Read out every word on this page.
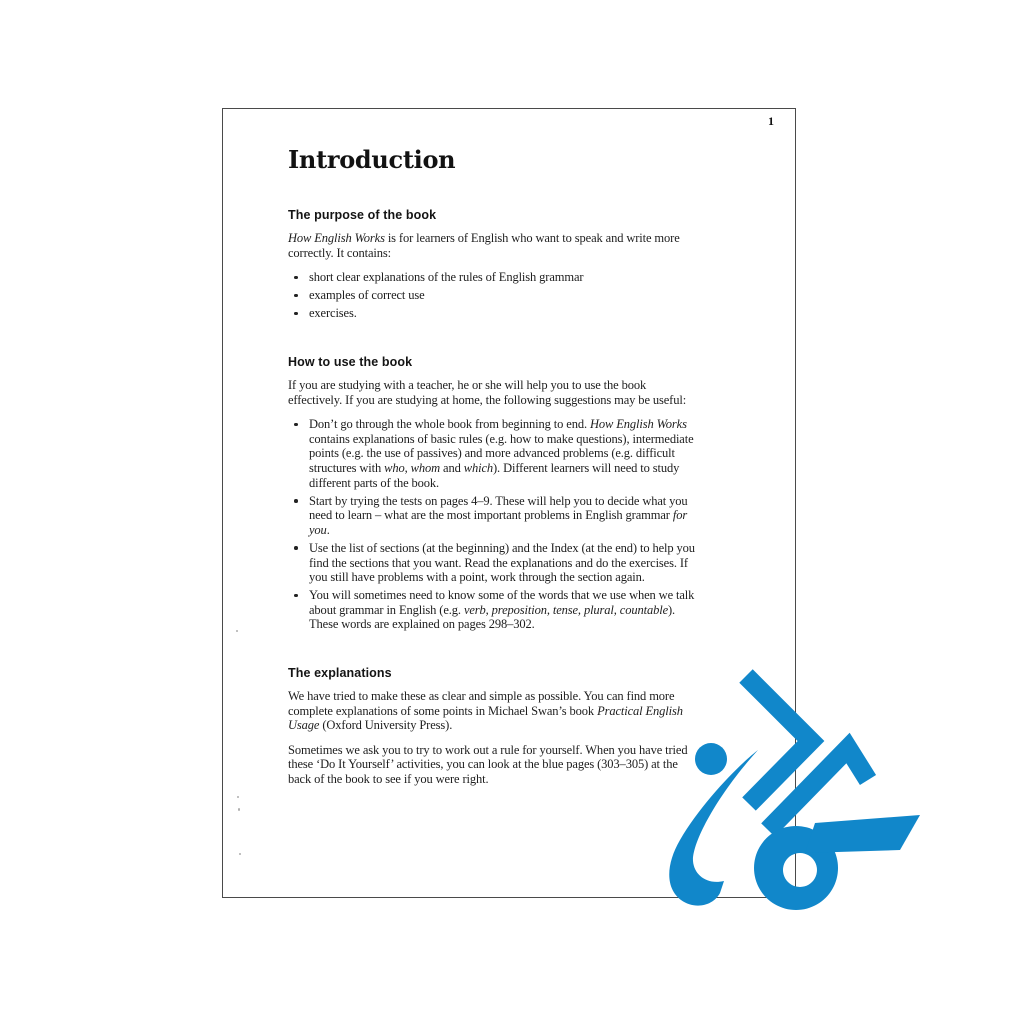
1
Introduction
The purpose of the book

How English Works is for learners of English who want to speak and write more correctly. It contains:

short clear explanations of the rules of English grammar
examples of correct use
exercises.
How to use the book

If you are studying with a teacher, he or she will help you to use the book effectively. If you are studying at home, the following suggestions may be useful:

Don’t go through the whole book from beginning to end. How English Works contains explanations of basic rules (e.g. how to make questions), intermediate points (e.g. the use of passives) and more advanced problems (e.g. difficult structures with who, whom and which). Different learners will need to study different parts of the book.
Start by trying the tests on pages 4–9. These will help you to decide what you need to learn – what are the most important problems in English grammar for you.
Use the list of sections (at the beginning) and the Index (at the end) to help you find the sections that you want. Read the explanations and do the exercises. If you still have problems with a point, work through the section again.
You will sometimes need to know some of the words that we use when we talk about grammar in English (e.g. verb, preposition, tense, plural, countable). These words are explained on pages 298–302.
The explanations

We have tried to make these as clear and simple as possible. You can find more complete explanations of some points in Michael Swan’s book Practical English Usage (Oxford University Press).

Sometimes we ask you to try to work out a rule for yourself. When you have tried these ‘Do It Yourself’ activities, you can look at the blue pages (303–305) at the back of the book to see if you were right.
